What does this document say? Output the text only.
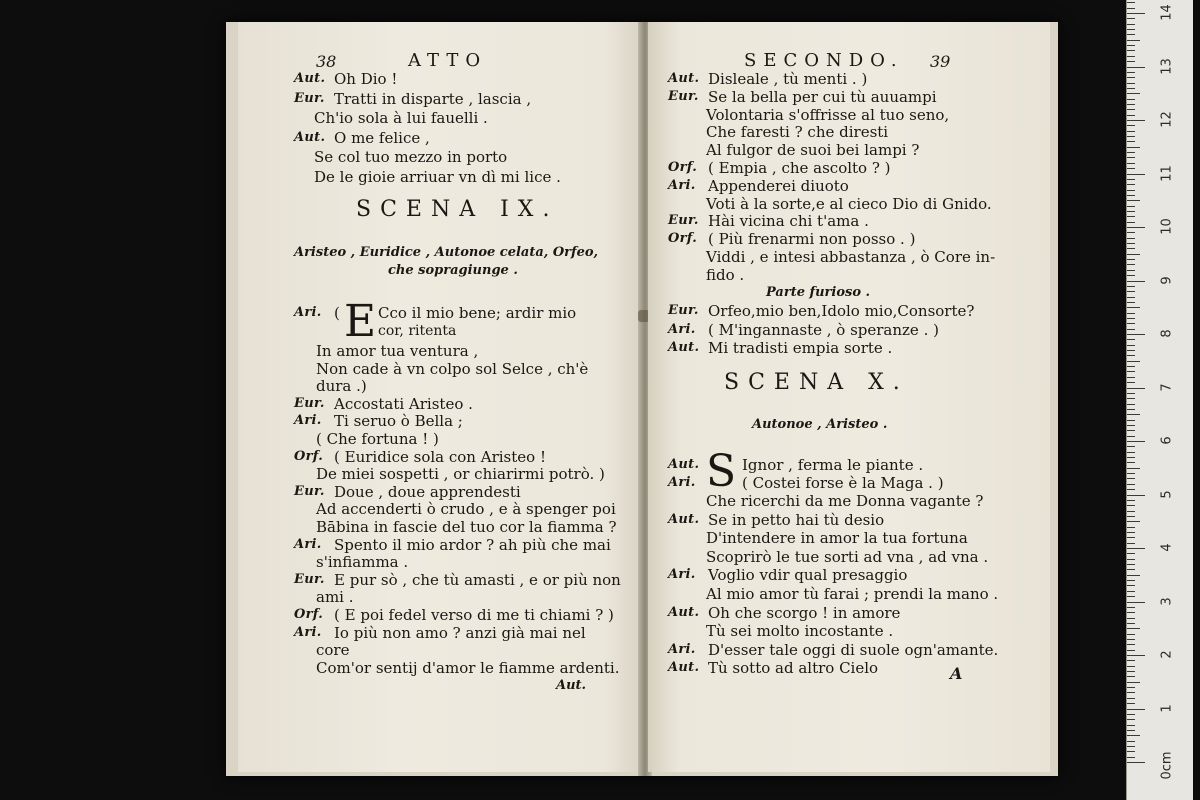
38	ATTO
Aut. Oh Dio !
Eur. Tratti in disparte , lascia ,
Ch'io sola à lui fauelli .
Aut. O me felice ,
Se col tuo mezzo in porto
De le gioie arriuar vn dì mi lice .
SCENA IX.
Aristeo , Euridice , Autonoe celata, Orfeo,
che sopragiunge .
Ari. ( E Cco il mio bene; ardir mio
cor, ritenta
In amor tua ventura ,
Non cade à vn colpo sol Selce , ch'è
dura .)
Eur. Accostati Aristeo .
Ari. Ti seruo ò Bella ;
( Che fortuna ! )
Orf. ( Euridice sola con Aristeo !
De miei sospetti , or chiarirmi potrò. )
Eur. Doue , doue apprendesti
Ad accenderti ò crudo , e à spenger poi
Bābina in fascie del tuo cor la fiamma ?
Ari. Spento il mio ardor ? ah più che mai
s'infiamma .
Eur. E pur sò , che tù amasti , e or più non
ami .
Orf. ( E poi fedel verso di me ti chiami ? )
Ari. Io più non amo ? anzi già mai nel
core
Com'or sentij d'amor le fiamme ardenti.
Aut.
SECONDO. 39
Aut. Disleale , tù menti . )
Eur. Se la bella per cui tù auuampi
Volontaria s'offrisse al tuo seno,
Che faresti ? che diresti
Al fulgor de suoi bei lampi ?
Orf. ( Empia , che ascolto ? )
Ari. Appenderei diuoto
Voti à la sorte,e al cieco Dio di Gnido.
Eur. Hài vicina chi t'ama .
Orf. ( Più frenarmi non posso . )
Viddi , e intesi abbastanza , ò Core in-
fido .
Parte furioso .
Eur. Orfeo,mio ben,Idolo mio,Consorte?
Ari. ( M'ingannaste , ò speranze . )
Aut. Mi tradisti empia sorte .
SCENA X.
Autonoe , Aristeo .
Aut. S Ignor , ferma le piante .
Ari.	( Costei forse è la Maga . )
Che ricerchi da me Donna vagante ?
Aut. Se in petto hai tù desio
D'intendere in amor la tua fortuna
Scoprirò le tue sorti ad vna , ad vna .
Ari. Voglio vdir qual presaggio
Al mio amor tù farai ; prendi la mano .
Aut. Oh che scorgo ! in amore
Tù sei molto incostante .
Ari. D'esser tale oggi di suole ogn'amante.
Aut. Tù sotto ad altro Cielo	A
0cm
1
2
3
4
5
6
7
8
9
10
11
12
13
14
